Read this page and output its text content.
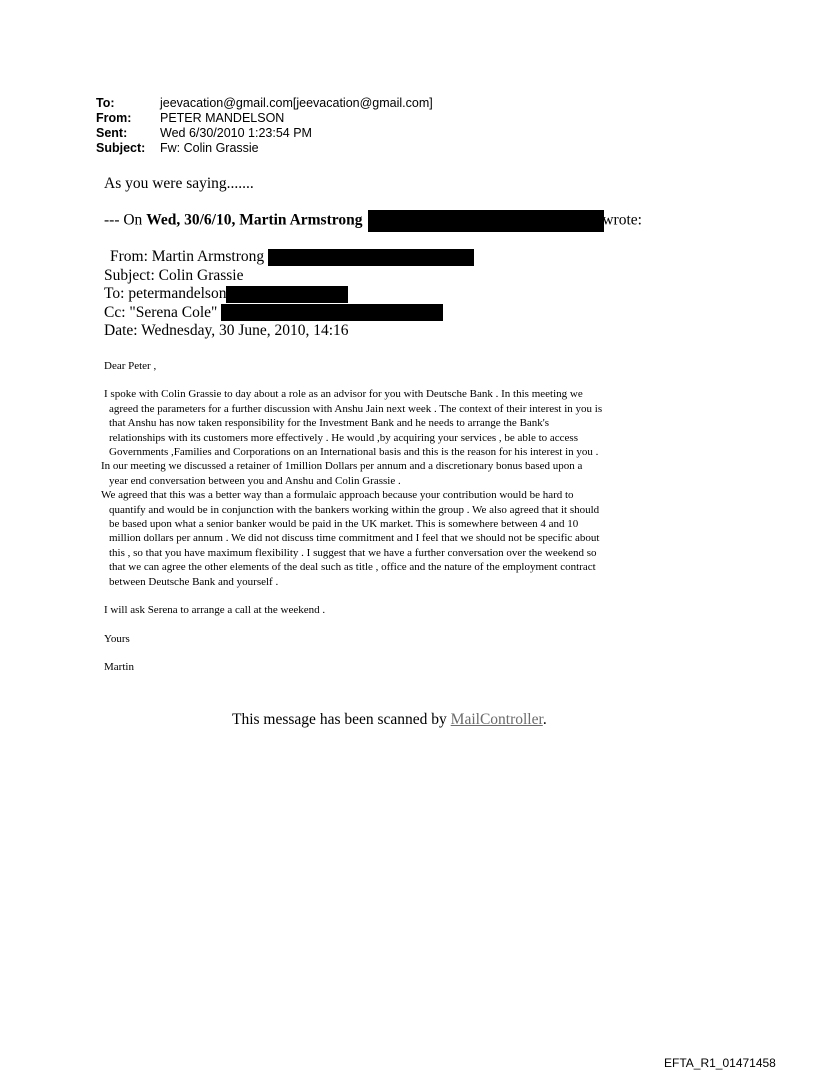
To:	jeevacation@gmail.com[jeevacation@gmail.com]
From:	PETER MANDELSON
Sent:	Wed 6/30/2010 1:23:54 PM
Subject:	Fw: Colin Grassie
As you were saying.......
--- On Wed, 30/6/10, Martin Armstrong	wrote:
From: Martin Armstrong
Subject: Colin Grassie
To: petermandelson
Cc: "Serena Cole"
Date: Wednesday, 30 June, 2010, 14:16

Dear Peter ,

I spoke with Colin Grassie to day about a role as an advisor for you with Deutsche Bank . In this meeting we

agreed the parameters for a further discussion with Anshu Jain next week . The context of their interest in you is

that Anshu has now taken responsibility for the Investment Bank and he needs to arrange the Bank's

relationships with its customers more effectively . He would ,by acquiring your services , be able to access

Governments ,Families and Corporations on an International basis and this is the reason for his interest in you .

In our meeting we discussed a retainer of 1million Dollars per annum and a discretionary bonus based upon a

year end conversation between you and Anshu and Colin Grassie .

We agreed that this was a better way than a formulaic approach because your contribution would be hard to

quantify and would be in conjunction with the bankers working within the group . We also agreed that it should

be based upon what a senior banker would be paid in the UK market. This is somewhere between 4 and 10

million dollars per annum . We did not discuss time commitment and I feel that we should not be specific about

this , so that you have maximum flexibility . I suggest that we have a further conversation over the weekend so

that we can agree the other elements of the deal such as title , office and the nature of the employment contract

between Deutsche Bank and yourself .

I will ask Serena to arrange a call at the weekend .

Yours

Martin

This message has been scanned by MailController.
EFTA_R1_01471458
